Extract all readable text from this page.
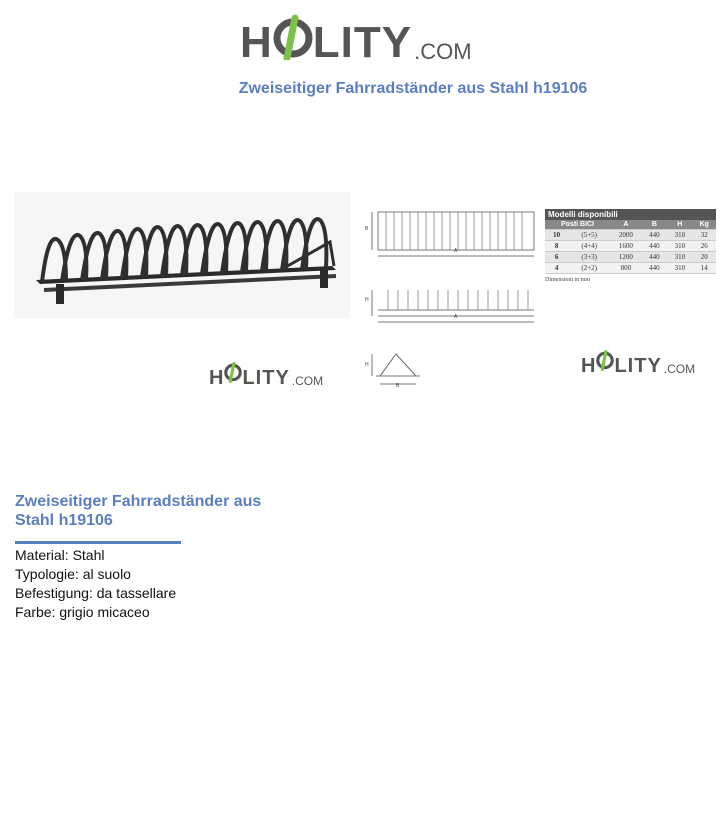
H LITY .COM
Zweiseitiger Fahrradständer aus Stahl h19106
B
A
H
A
H
B
Modelli disponibili					
Posti BICI		A	B	H	Kg
10	(5+5)	2000	440	310	32
8	(4+4)	1600	440	310	26
6	(3+3)	1200	440	310	20
4	(2+2)	800	440	310	14
Dimensioni in mm
H LITY .COM
H LITY .COM
Zweiseitiger Fahrradständer aus Stahl h19106
Material: Stahl
Typologie: al suolo
Befestigung: da tassellare
Farbe: grigio micaceo
